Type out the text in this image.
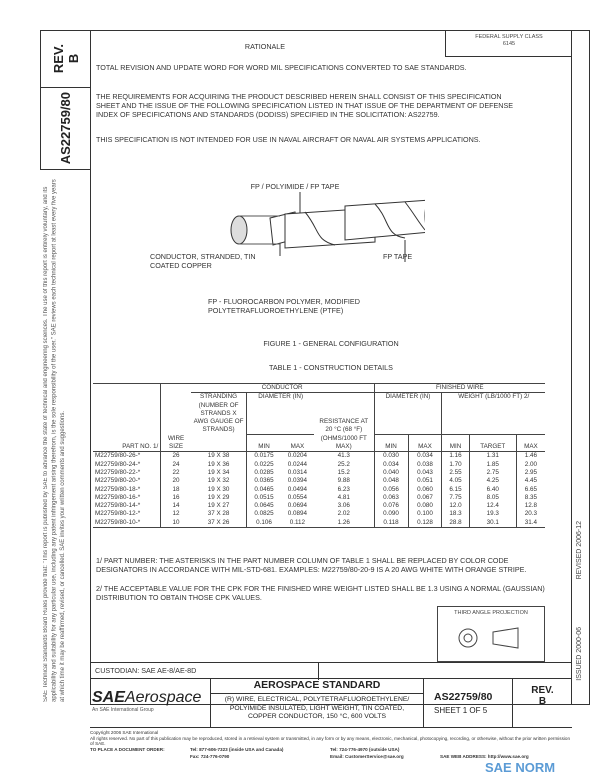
REV.
B
AS22759/80
SAE Technical Standards Board Rules provide that: "This report is published by SAE to advance the state of technical and engineering sciences. The use of this report is entirely voluntary, and its applicability and suitability for any particular use, including any patent infringement arising therefrom, is the sole responsibility of the user." SAE reviews each technical report at least every five years at which time it may be reaffirmed, revised, or cancelled. SAE invites your written comments and suggestions.	REVISED 2006-12
ISSUED 2000-06
FEDERAL SUPPLY CLASS
6145
RATIONALE
TOTAL REVISION AND UPDATE WORD FOR WORD MIL SPECIFICATIONS CONVERTED TO SAE STANDARDS.
THE REQUIREMENTS FOR ACQUIRING THE PRODUCT DESCRIBED HEREIN SHALL CONSIST OF THIS SPECIFICATION SHEET AND THE ISSUE OF THE FOLLOWING SPECIFICATION LISTED IN THAT ISSUE OF THE DEPARTMENT OF DEFENSE INDEX OF SPECIFICATIONS AND STANDARDS (DODISS) SPECIFIED IN THE SOLICITATION: AS22759.
THIS SPECIFICATION IS NOT INTENDED FOR USE IN NAVAL AIRCRAFT OR NAVAL AIR SYSTEMS APPLICATIONS.
FP / POLYIMIDE / FP TAPE
CONDUCTOR, STRANDED, TIN COATED COPPER
FP TAPE
FP - FLUOROCARBON POLYMER, MODIFIED
POLYTETRAFLUOROETHYLENE (PTFE)
FIGURE 1 - GENERAL CONFIGURATION
TABLE 1 - CONSTRUCTION DETAILS
		CONDUCTOR				FINISHED WIRE				
		STRANDING (NUMBER OF STRANDS X AWG GAUGE OF STRANDS)	DIAMETER (IN)		RESISTANCE AT 20 °C (68 °F) (OHMS/1000 FT MAX)	DIAMETER (IN)		WEIGHT (LB/1000 FT) 2/		
PART NO. 1/	WIRE SIZE		MIN	MAX		MIN	MAX	MIN	TARGET	MAX
M22759/80-26-*	26	19 X 38	0.0175	0.0204	41.3	0.030	0.034	1.16	1.31	1.46
M22759/80-24-*	24	19 X 36	0.0225	0.0244	25.2	0.034	0.038	1.70	1.85	2.00
M22759/80-22-*	22	19 X 34	0.0285	0.0314	15.2	0.040	0.043	2.55	2.75	2.95
M22759/80-20-*	20	19 X 32	0.0365	0.0394	9.88	0.048	0.051	4.05	4.25	4.45
M22759/80-18-*	18	19 X 30	0.0465	0.0494	6.23	0.056	0.060	6.15	6.40	6.65
M22759/80-16-*	16	19 X 29	0.0515	0.0554	4.81	0.063	0.067	7.75	8.05	8.35
M22759/80-14-*	14	19 X 27	0.0645	0.0694	3.06	0.076	0.080	12.0	12.4	12.8
M22759/80-12-*	12	37 X 28	0.0825	0.0894	2.02	0.090	0.100	18.3	19.3	20.3
M22759/80-10-*	10	37 X 26	0.106	0.112	1.26	0.118	0.128	28.8	30.1	31.4
1/ PART NUMBER: THE ASTERISKS IN THE PART NUMBER COLUMN OF TABLE 1 SHALL BE REPLACED BY COLOR CODE DESIGNATORS IN ACCORDANCE WITH MIL-STD-681. EXAMPLES: M22759/80-20-9 IS A 20 AWG WHITE WITH ORANGE STRIPE.
2/ THE ACCEPTABLE VALUE FOR THE CPK FOR THE FINISHED WIRE WEIGHT LISTED SHALL BE 1.3 USING A NORMAL (GAUSSIAN) DISTRIBUTION TO OBTAIN THOSE CPK VALUES.
THIRD ANGLE PROJECTION
CUSTODIAN: SAE AE-8/AE-8D
SAEAerospace
An SAE International Group
AEROSPACE STANDARD
(R) WIRE, ELECTRICAL, POLYTETRAFLUOROETHYLENE/ POLYIMIDE INSULATED, LIGHT WEIGHT, TIN COATED, COPPER CONDUCTOR, 150 °C, 600 VOLTS
AS22759/80
SHEET 1 OF 5
REV.
B
Copyright 2006 SAE International
All rights reserved. No part of this publication may be reproduced, stored in a retrieval system or transmitted, in any form or by any means, electronic, mechanical, photocopying, recording, or otherwise, without the prior written permission of SAE.
TO PLACE A DOCUMENT ORDER:	Tel: 877-606-7323 (inside USA and Canada)
Fax: 724-776-0790
Tel: 724-776-4970 (outside USA)
Email: CustomerService@sae.org	SAE WEB ADDRESS: http://www.sae.org
SAE NORM
